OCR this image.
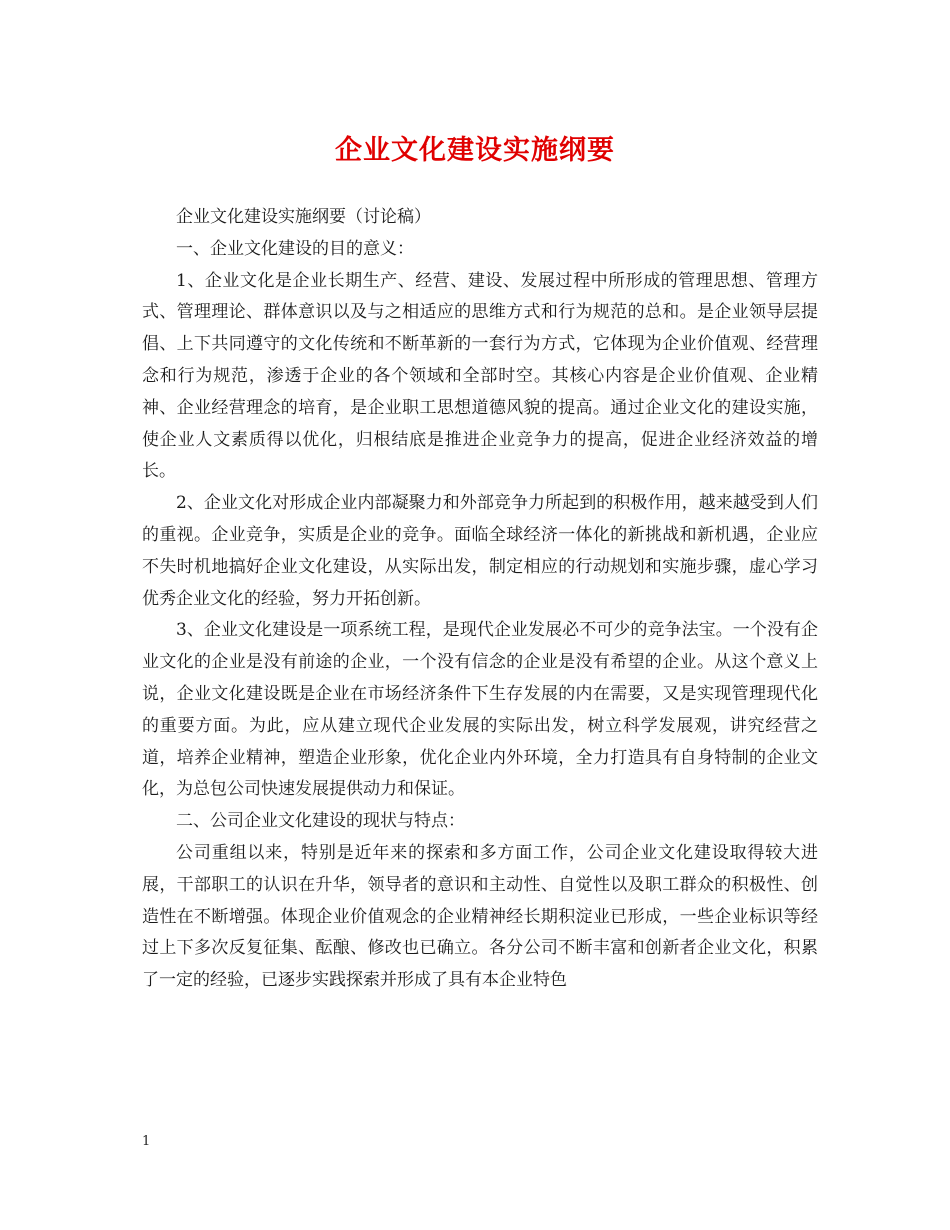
企业文化建设实施纲要

企业文化建设实施纲要（讨论稿）

一、企业文化建设的目的意义：

1、企业文化是企业长期生产、经营、建设、发展过程中所形成的管理思想、管理方式、管理理论、群体意识以及与之相适应的思维方式和行为规范的总和。是企业领导层提倡、上下共同遵守的文化传统和不断革新的一套行为方式，它体现为企业价值观、经营理念和行为规范，渗透于企业的各个领域和全部时空。其核心内容是企业价值观、企业精神、企业经营理念的培育，是企业职工思想道德风貌的提高。通过企业文化的建设实施，使企业人文素质得以优化，归根结底是推进企业竞争力的提高，促进企业经济效益的增长。

2、企业文化对形成企业内部凝聚力和外部竞争力所起到的积极作用，越来越受到人们的重视。企业竞争，实质是企业的竞争。面临全球经济一体化的新挑战和新机遇，企业应不失时机地搞好企业文化建设，从实际出发，制定相应的行动规划和实施步骤，虚心学习优秀企业文化的经验，努力开拓创新。

3、企业文化建设是一项系统工程，是现代企业发展必不可少的竞争法宝。一个没有企业文化的企业是没有前途的企业，一个没有信念的企业是没有希望的企业。从这个意义上说，企业文化建设既是企业在市场经济条件下生存发展的内在需要，又是实现管理现代化的重要方面。为此，应从建立现代企业发展的实际出发，树立科学发展观，讲究经营之道，培养企业精神，塑造企业形象，优化企业内外环境，全力打造具有自身特制的企业文化，为总包公司快速发展提供动力和保证。

二、公司企业文化建设的现状与特点：

公司重组以来，特别是近年来的探索和多方面工作，公司企业文化建设取得较大进展，干部职工的认识在升华，领导者的意识和主动性、自觉性以及职工群众的积极性、创造性在不断增强。体现企业价值观念的企业精神经长期积淀业已形成，一些企业标识等经过上下多次反复征集、酝酿、修改也已确立。各分公司不断丰富和创新者企业文化，积累了一定的经验，已逐步实践探索并形成了具有本企业特色

1
